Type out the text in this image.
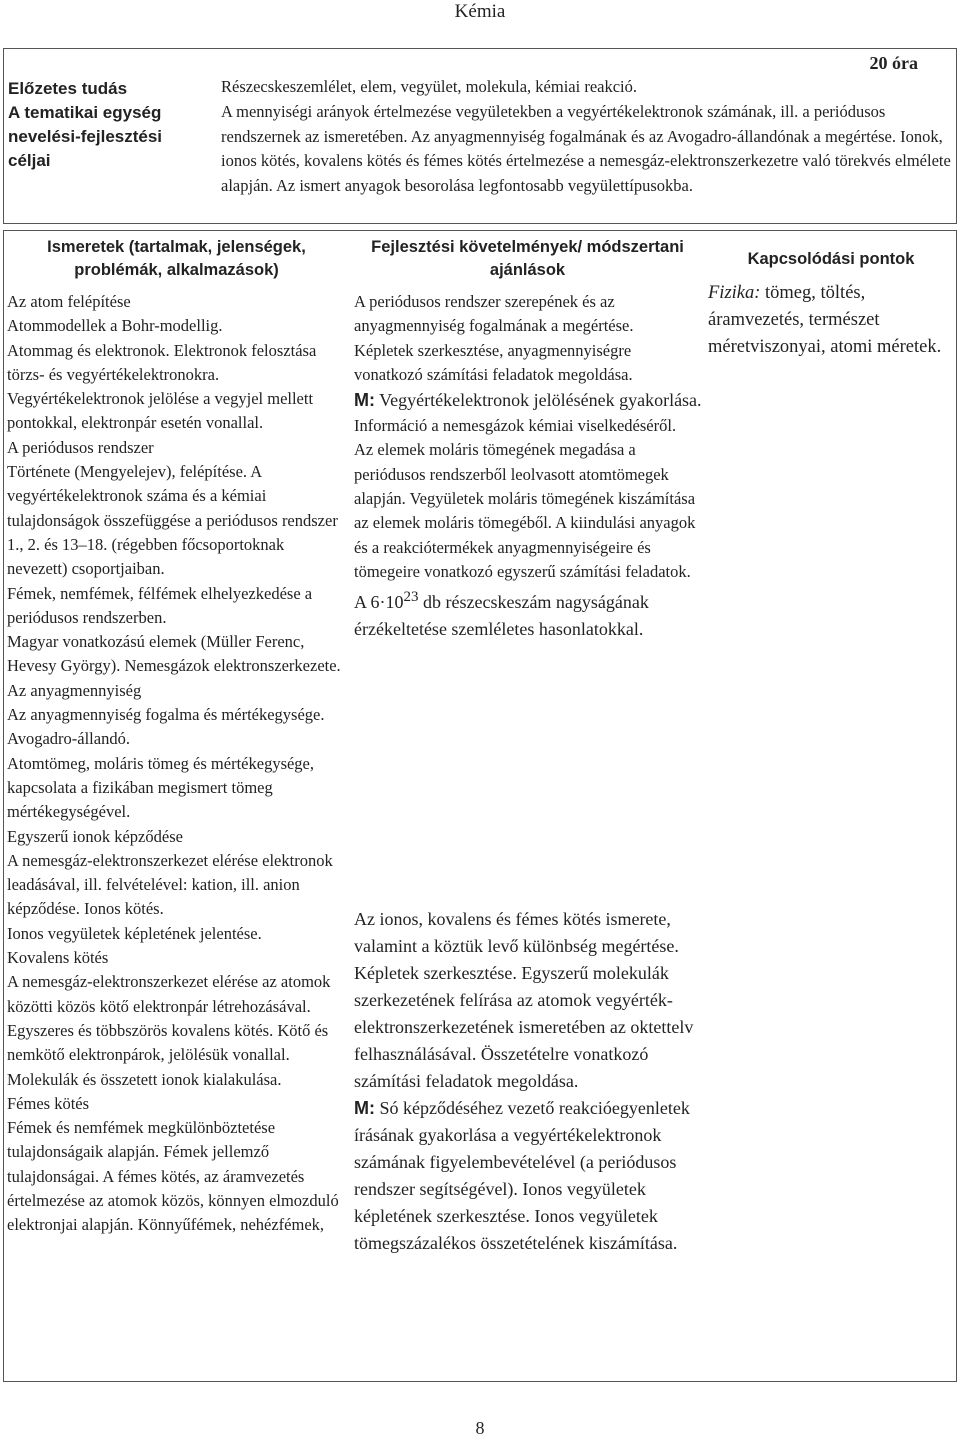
Kémia
20 óra
Előzetes tudás	Részecskeszemlélet, elem, vegyület, molekula, kémiai reakció.
A tematikai egység nevelési-fejlesztési céljai
A mennyiségi arányok értelmezése vegyületekben a vegyértékelektronok számának, ill. a periódusos rendszernek az ismeretében. Az anyagmennyiség fogalmának és az Avogadro-állandónak a megértése. Ionok, ionos kötés, kovalens kötés és fémes kötés értelmezése a nemesgáz-elektronszerkezetre való törekvés elmélete alapján. Az ismert anyagok besorolása legfontosabb vegyülettípusokba.
Ismeretek (tartalmak, jelenségek, problémák, alkalmazások)

Az atom felépítése

Atommodellek a Bohr-modellig.

Atommag és elektronok. Elektronok felosztása törzs- és vegyértékelektronokra.

Vegyértékelektronok jelölése a vegyjel mellett pontokkal, elektronpár esetén vonallal.

A periódusos rendszer

Története (Mengyelejev), felépítése. A vegyértékelektronok száma és a kémiai tulajdonságok összefüggése a periódusos rendszer 1., 2. és 13–18. (régebben főcsoportoknak nevezett) csoportjaiban.

Fémek, nemfémek, félfémek elhelyezkedése a periódusos rendszerben.

Magyar vonatkozású elemek (Müller Ferenc, Hevesy György). Nemesgázok elektronszerkezete.

Az anyagmennyiség

Az anyagmennyiség fogalma és mértékegysége. Avogadro-állandó.

Atomtömeg, moláris tömeg és mértékegysége, kapcsolata a fizikában megismert tömeg mértékegységével.

Egyszerű ionok képződése

A nemesgáz-elektronszerkezet elérése elektronok leadásával, ill. felvételével: kation, ill. anion képződése. Ionos kötés.

Ionos vegyületek képletének jelentése.

Kovalens kötés

A nemesgáz-elektronszerkezet elérése az atomok közötti közös kötő elektronpár létrehozásával. Egyszeres és többszörös kovalens kötés. Kötő és nemkötő elektronpárok, jelölésük vonallal.

Molekulák és összetett ionok kialakulása.

Fémes kötés

Fémek és nemfémek megkülönböztetése tulajdonságaik alapján. Fémek jellemző tulajdonságai. A fémes kötés, az áramvezetés értelmezése az atomok közös, könnyen elmozduló elektronjai alapján. Könnyűfémek, nehézfémek,

Fejlesztési követelmények/ módszertani ajánlások

A periódusos rendszer szerepének és az anyagmennyiség fogalmának a megértése.

Képletek szerkesztése, anyagmennyiségre vonatkozó számítási feladatok megoldása.

M: Vegyértékelektronok jelölésének gyakorlása.

Információ a nemesgázok kémiai viselkedéséről.

Az elemek moláris tömegének megadása a periódusos rendszerből leolvasott atomtömegek alapján. Vegyületek moláris tömegének kiszámítása az elemek moláris tömegéből. A kiindulási anyagok és a reakciótermékek anyagmennyiségeire és tömegeire vonatkozó egyszerű számítási feladatok.

A $6\cdot 10^{23}$ db részecskeszám nagyságának érzékeltetése szemléletes hasonlatokkal.

Az ionos, kovalens és fémes kötés ismerete, valamint a köztük levő különbség megértése. Képletek szerkesztése. Egyszerű molekulák szerkezetének felírása az atomok vegyérték-elektronszerkezetének ismeretében az oktettelv felhasználásával. Összetételre vonatkozó számítási feladatok megoldása.

M: Só képződéséhez vezető reakcióegyenletek írásának gyakorlása a vegyértékelektronok számának figyelembevételével (a periódusos rendszer segítségével). Ionos vegyületek képletének szerkesztése. Ionos vegyületek tömegszázalékos összetételének kiszámítása.

Kapcsolódási pontok
Fizika: tömeg, töltés, áramvezetés, természet méretviszonyai, atomi méretek.
8
